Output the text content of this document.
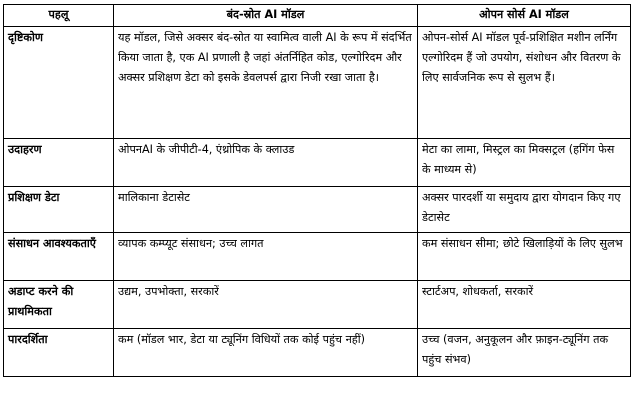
पहलू	बंद-स्रोत AI मॉडल	ओपन सोर्स AI मॉडल
दृष्टिकोण	यह मॉडल, जिसे अक्सर बंद-स्रोत या स्वामित्व वाली AI के रूप में संदर्भित किया जाता है, एक AI प्रणाली है जहां अंतर्निहित कोड, एल्गोरिदम और अक्सर प्रशिक्षण डेटा को इसके डेवलपर्स द्वारा निजी रखा जाता है।	ओपन-सोर्स AI मॉडल पूर्व-प्रशिक्षित मशीन लर्निंग एल्गोरिदम हैं जो उपयोग, संशोधन और वितरण के लिए सार्वजनिक रूप से सुलभ हैं।
उदाहरण	ओपनAI के जीपीटी-4, एंथ्रोपिक के क्लाउड	मेटा का लामा, मिस्ट्रल का मिक्सट्रल (हगिंग फेस के माध्यम से)
प्रशिक्षण डेटा	मालिकाना डेटासेट	अक्सर पारदर्शी या समुदाय द्वारा योगदान किए गए डेटासेट
संसाधन आवश्यकताएँ	व्यापक कम्प्यूट संसाधन; उच्च लागत	कम संसाधन सीमा; छोटे खिलाड़ियों के लिए सुलभ
अडाप्ट करने की प्राथमिकता	उद्यम, उपभोक्ता, सरकारें	स्टार्टअप, शोधकर्ता, सरकारें
पारदर्शिता	कम (मॉडल भार, डेटा या ट्यूनिंग विधियों तक कोई पहुंच नहीं)	उच्च (वजन, अनुकूलन और फ़ाइन-ट्यूनिंग तक पहुंच संभव)
